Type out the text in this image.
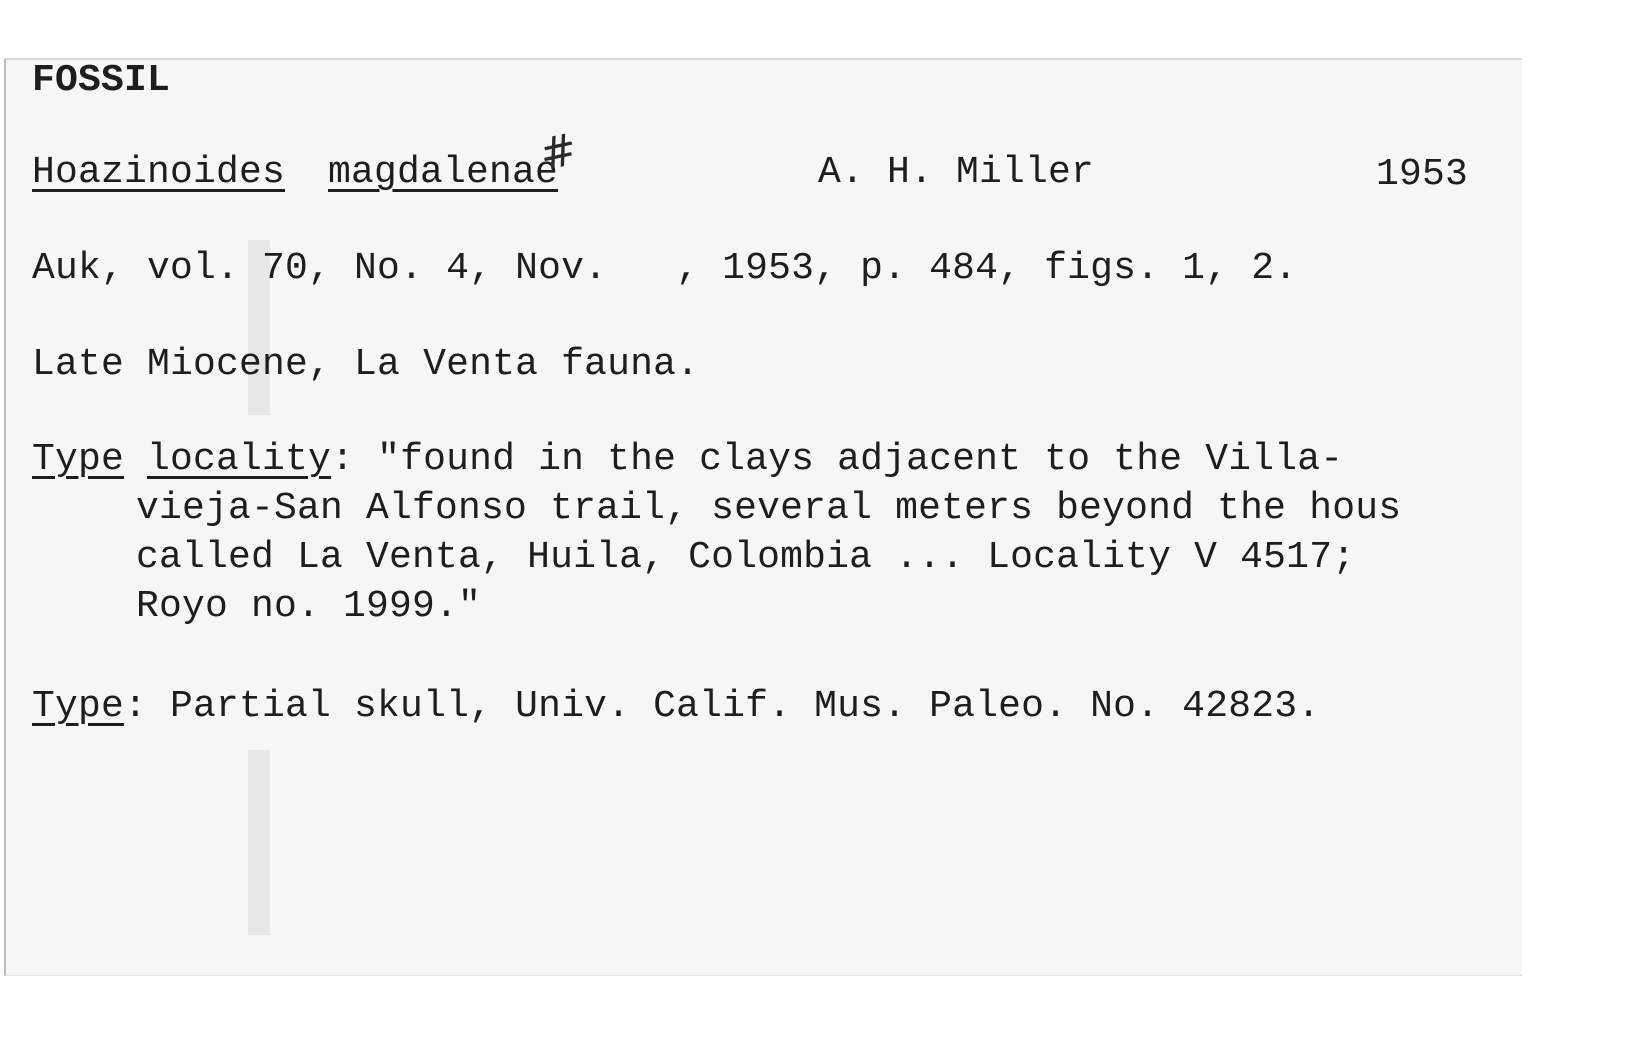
FOSSIL
Hoazinoides magdalenae
#	A. H. Miller	1953
Auk, vol. 70, No. 4, Nov.   , 1953, p. 484, figs. 1, 2.
Late Miocene, La Venta fauna.
Type locality: "found in the clays adjacent to the Villa-
vieja-San Alfonso trail, several meters beyond the hous
called La Venta, Huila, Colombia ... Locality V 4517;
Royo no. 1999."
Type: Partial skull, Univ. Calif. Mus. Paleo. No. 42823.
